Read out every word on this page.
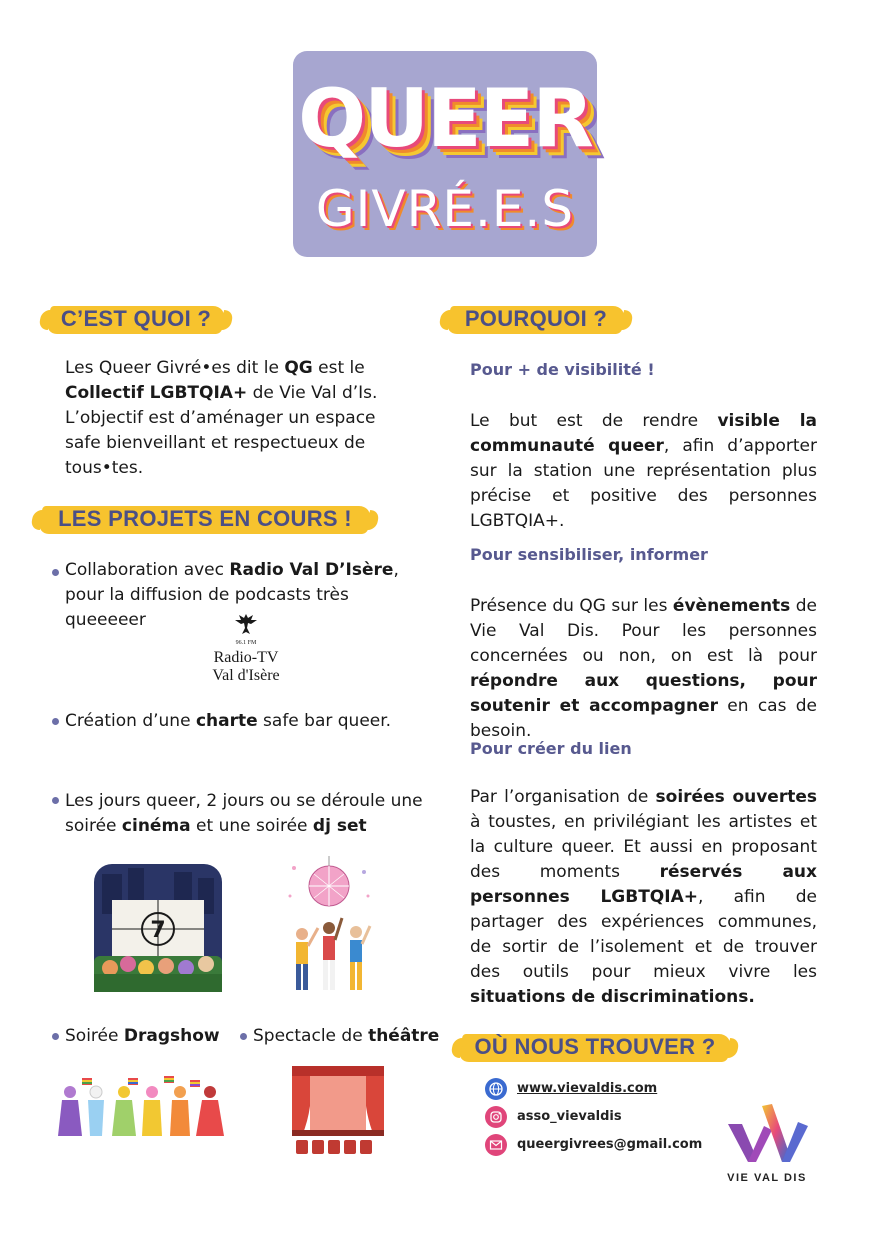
QUEER
GIVRÉ.E.S
C’EST QUOI ?
Les Queer Givré•es dit le QG est le Collectif LGBTQIA+ de Vie Val d’Is. L’objectif est d’aménager un espace safe bienveillant et respectueux de tous•tes.
LES PROJETS EN COURS !
Collaboration avec Radio Val D’Isère, pour la diffusion de podcasts très queeeeer
96.1 FM
Radio-TV
Val d'Isère
Création d’une charte safe bar queer.
Les jours queer, 2 jours ou se déroule une soirée cinéma et une soirée dj set
7
Soirée Dragshow	Spectacle de théâtre
POURQUOI ?
Pour + de visibilité !
Le but est de rendre visible la communauté queer, afin d’apporter sur la station une représentation plus précise et positive des personnes LGBTQIA+.
Pour sensibiliser, informer
Présence du QG sur les évènements de Vie Val Dis. Pour les personnes concernées ou non, on est là pour répondre aux questions, pour soutenir et accompagner en cas de besoin.
Pour créer du lien
Par l’organisation de soirées ouvertes à toustes, en privilégiant les artistes et la culture queer. Et aussi en proposant des moments réservés aux personnes LGBTQIA+, afin de partager des expériences communes, de sortir de l’isolement et de trouver des outils pour mieux vivre les situations de discriminations.
OÙ NOUS TROUVER ?
www.vievaldis.com
asso_vievaldis
queergivrees@gmail.com
VIE VAL DIS
